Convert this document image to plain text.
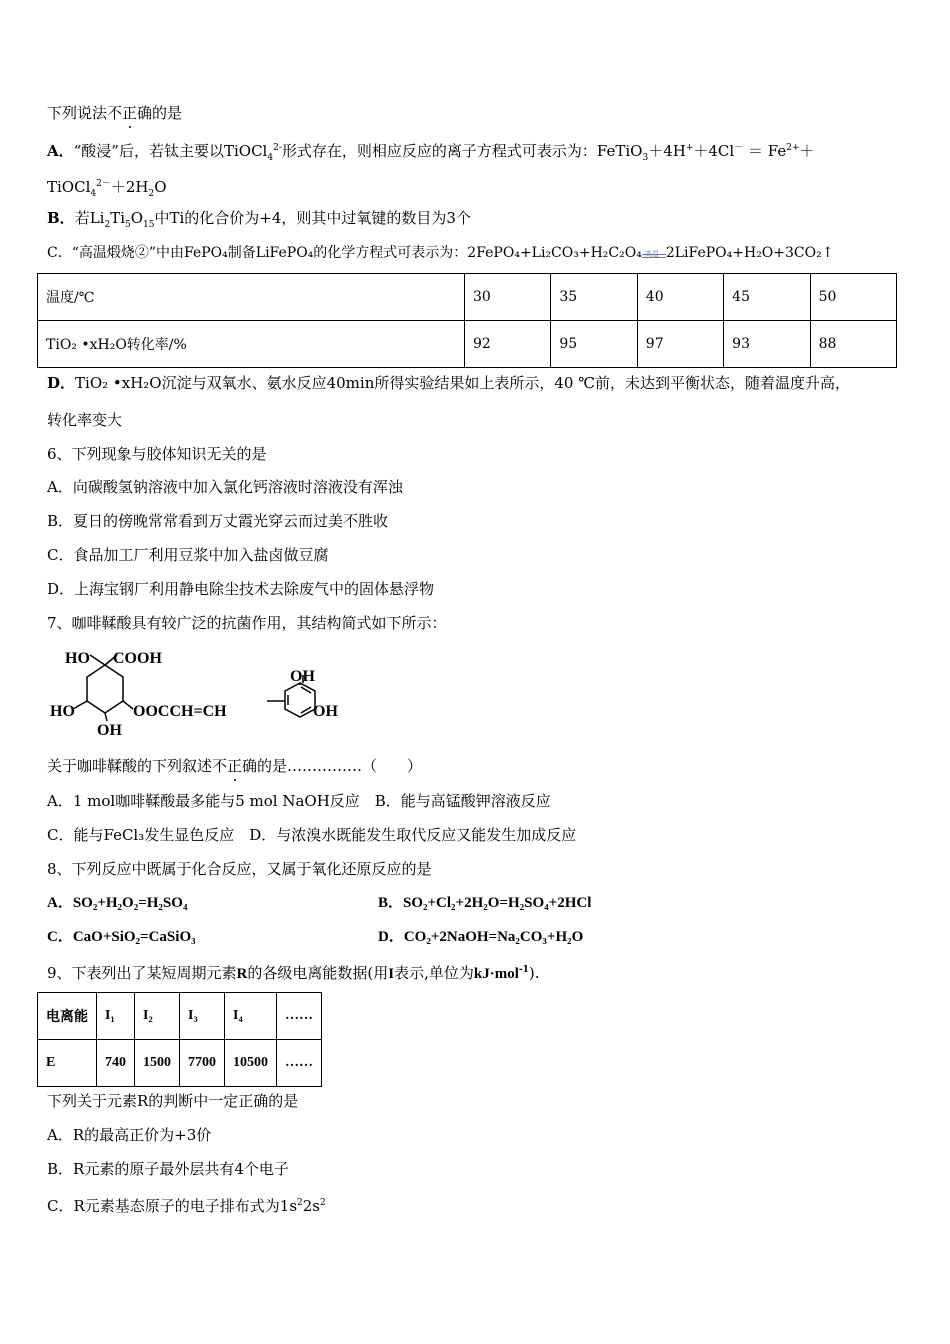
下列说法不正确的是
A．“酸浸”后，若钛主要以TiOCl$_4^{2-}$形式存在，则相应反应的离子方程式可表示为：FeTiO$_3$＋4H+＋4Cl－ ＝ $Fe^{2+}+$
$TiOCl_4^{2-}+2H_2O$
B．若$Li_2Ti_5O_{15}$中Ti的化合价为+4，则其中过氧键的数目为3个
C．“高温煅烧②”中由FePO₄制备LiFePO₄的化学方程式可表示为：2FePO₄+Li₂CO₃+H₂C₂O₄ 高温 2LiFePO₄+H₂O+3CO₂↑
温度/℃	30	35	40	45	50
TiO₂ •xH₂O转化率/%	92	95	97	93	88
D．TiO₂ •xH₂O沉淀与双氧水、氨水反应40min所得实验结果如上表所示，40 ℃前，未达到平衡状态，随着温度升高，
转化率变大
6、下列现象与胶体知识无关的是
A．向碳酸氢钠溶液中加入氯化钙溶液时溶液没有浑浊
B．夏日的傍晚常常看到万丈霞光穿云而过美不胜收
C．食品加工厂利用豆浆中加入盐卤做豆腐
D．上海宝钢厂利用静电除尘技术去除废气中的固体悬浮物
7、咖啡鞣酸具有较广泛的抗菌作用，其结构简式如下所示：
HO COOH
HO
OH
OOCCH=CH
OH
OH
关于咖啡鞣酸的下列叙述不正确的是……………（　　）
A．1 mol咖啡鞣酸最多能与5 mol NaOH反应　B．能与高锰酸钾溶液反应
C．能与FeCl₃发生显色反应　D．与浓溴水既能发生取代反应又能发生加成反应
8、下列反应中既属于化合反应，又属于氧化还原反应的是
A．SO₂+H₂O₂=H₂SO₄	B．SO₂+Cl₂+2H₂O=H₂SO₄+2HCl
C．CaO+SiO₂=CaSiO₃	D．CO₂+2NaOH=Na₂CO₃+H₂O
9、下表列出了某短周期元素R的各级电离能数据(用I表示,单位为kJ·mol$^{-1}$).
电离能	I₁	I₂	I₃	I₄	……
E	740	1500	7700	10500	……
下列关于元素R的判断中一定正确的是
A．R的最高正价为+3价
B．R元素的原子最外层共有4个电子
C．R元素基态原子的电子排布式为$1s^22s^2$
